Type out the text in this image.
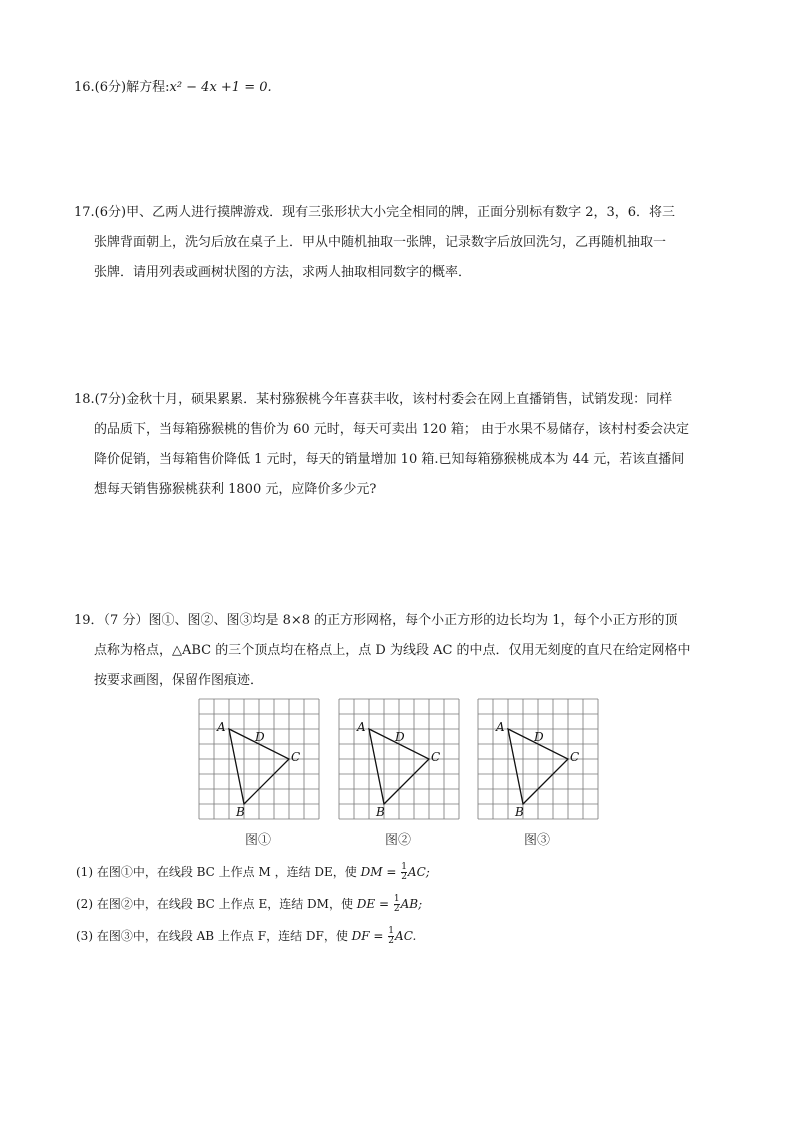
16.(6分)解方程:x² − 4x +1 = 0.
17.(6分)甲、乙两人进行摸牌游戏．现有三张形状大小完全相同的牌，正面分别标有数字 2，3，6．将三
张牌背面朝上，洗匀后放在桌子上．甲从中随机抽取一张牌，记录数字后放回洗匀，乙再随机抽取一
张牌．请用列表或画树状图的方法，求两人抽取相同数字的概率．
18.(7分)金秋十月，硕果累累．某村猕猴桃今年喜获丰收，该村村委会在网上直播销售，试销发现：同样
的品质下，当每箱猕猴桃的售价为 60 元时，每天可卖出 120 箱； 由于水果不易储存，该村村委会决定
降价促销，当每箱售价降低 1 元时，每天的销量增加 10 箱.已知每箱猕猴桃成本为 44 元，若该直播间
想每天销售猕猴桃获利 1800 元，应降价多少元?
19．（7 分）图①、图②、图③均是 8×8 的正方形网格，每个小正方形的边长均为 1，每个小正方形的顶
点称为格点，△ABC 的三个顶点均在格点上，点 D 为线段 AC 的中点．仅用无刻度的直尺在给定网格中
按要求画图，保留作图痕迹．
A
B
C
D
图①
A
B
C
D
图②
A
B
C
D
图③
(1) 在图①中，在线段 BC 上作点 M ，连结 DE，使 DM = $\frac{1}{2}$ AC;
(2) 在图②中，在线段 BC 上作点 E，连结 DM，使 DE = $\frac{1}{2}$ AB;
(3) 在图③中，在线段 AB 上作点 F，连结 DF，使 DF = $\frac{1}{2}$ AC.
